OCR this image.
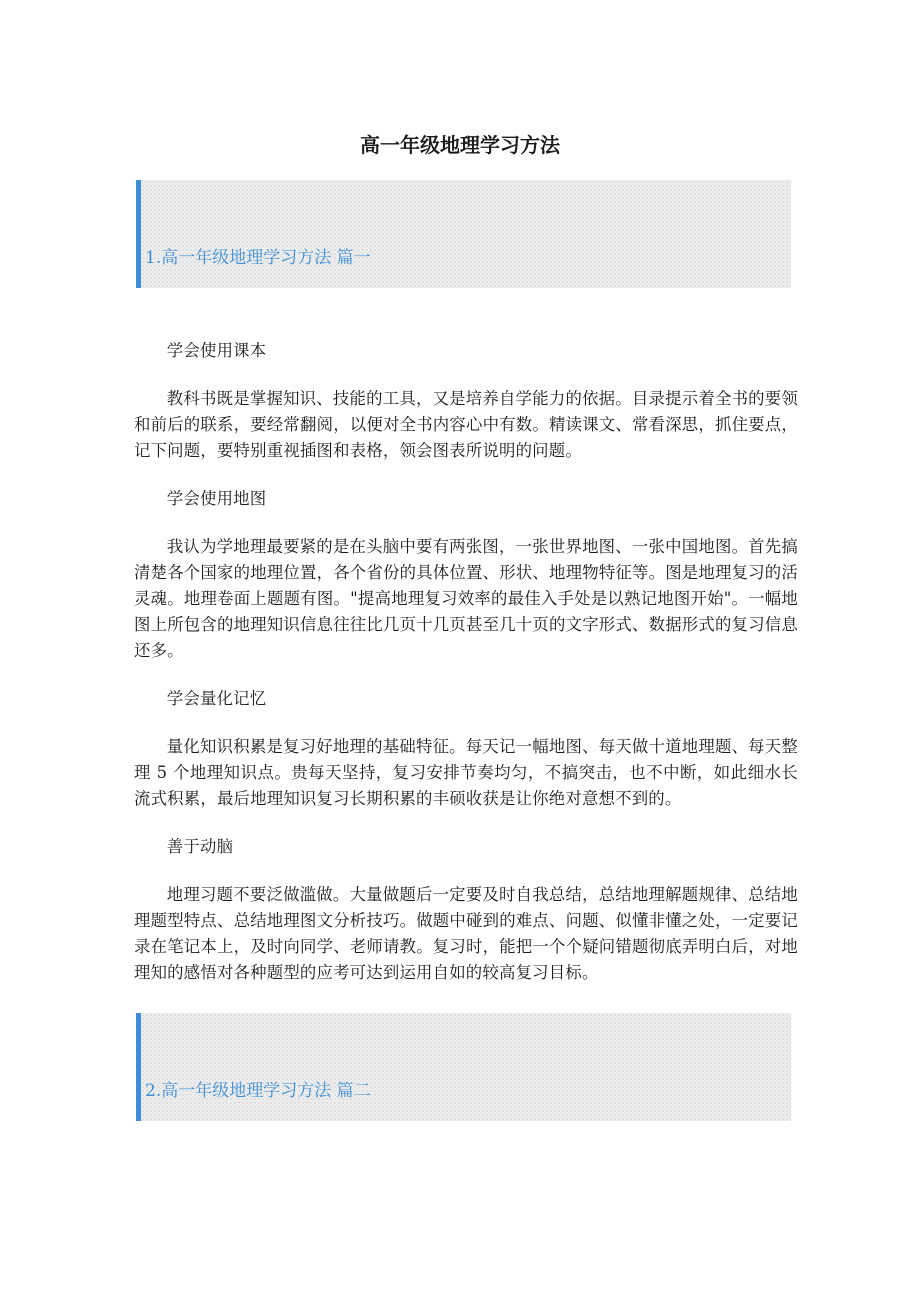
高一年级地理学习方法
1.高一年级地理学习方法 篇一

学会使用课本

教科书既是掌握知识、技能的工具，又是培养自学能力的依据。目录提示着全书的要领和前后的联系，要经常翻阅，以便对全书内容心中有数。精读课文、常看深思，抓住要点，记下问题，要特别重视插图和表格，领会图表所说明的问题。

学会使用地图

我认为学地理最要紧的是在头脑中要有两张图，一张世界地图、一张中国地图。首先搞清楚各个国家的地理位置，各个省份的具体位置、形状、地理物特征等。图是地理复习的活灵魂。地理卷面上题题有图。"提高地理复习效率的最佳入手处是以熟记地图开始"。一幅地图上所包含的地理知识信息往往比几页十几页甚至几十页的文字形式、数据形式的复习信息还多。

学会量化记忆

量化知识积累是复习好地理的基础特征。每天记一幅地图、每天做十道地理题、每天整理 5 个地理知识点。贵每天坚持，复习安排节奏均匀，不搞突击，也不中断，如此细水长流式积累，最后地理知识复习长期积累的丰硕收获是让你绝对意想不到的。

善于动脑

地理习题不要泛做滥做。大量做题后一定要及时自我总结，总结地理解题规律、总结地理题型特点、总结地理图文分析技巧。做题中碰到的难点、问题、似懂非懂之处，一定要记录在笔记本上，及时向同学、老师请教。复习时，能把一个个疑问错题彻底弄明白后，对地理知的感悟对各种题型的应考可达到运用自如的较高复习目标。

2.高一年级地理学习方法 篇二
